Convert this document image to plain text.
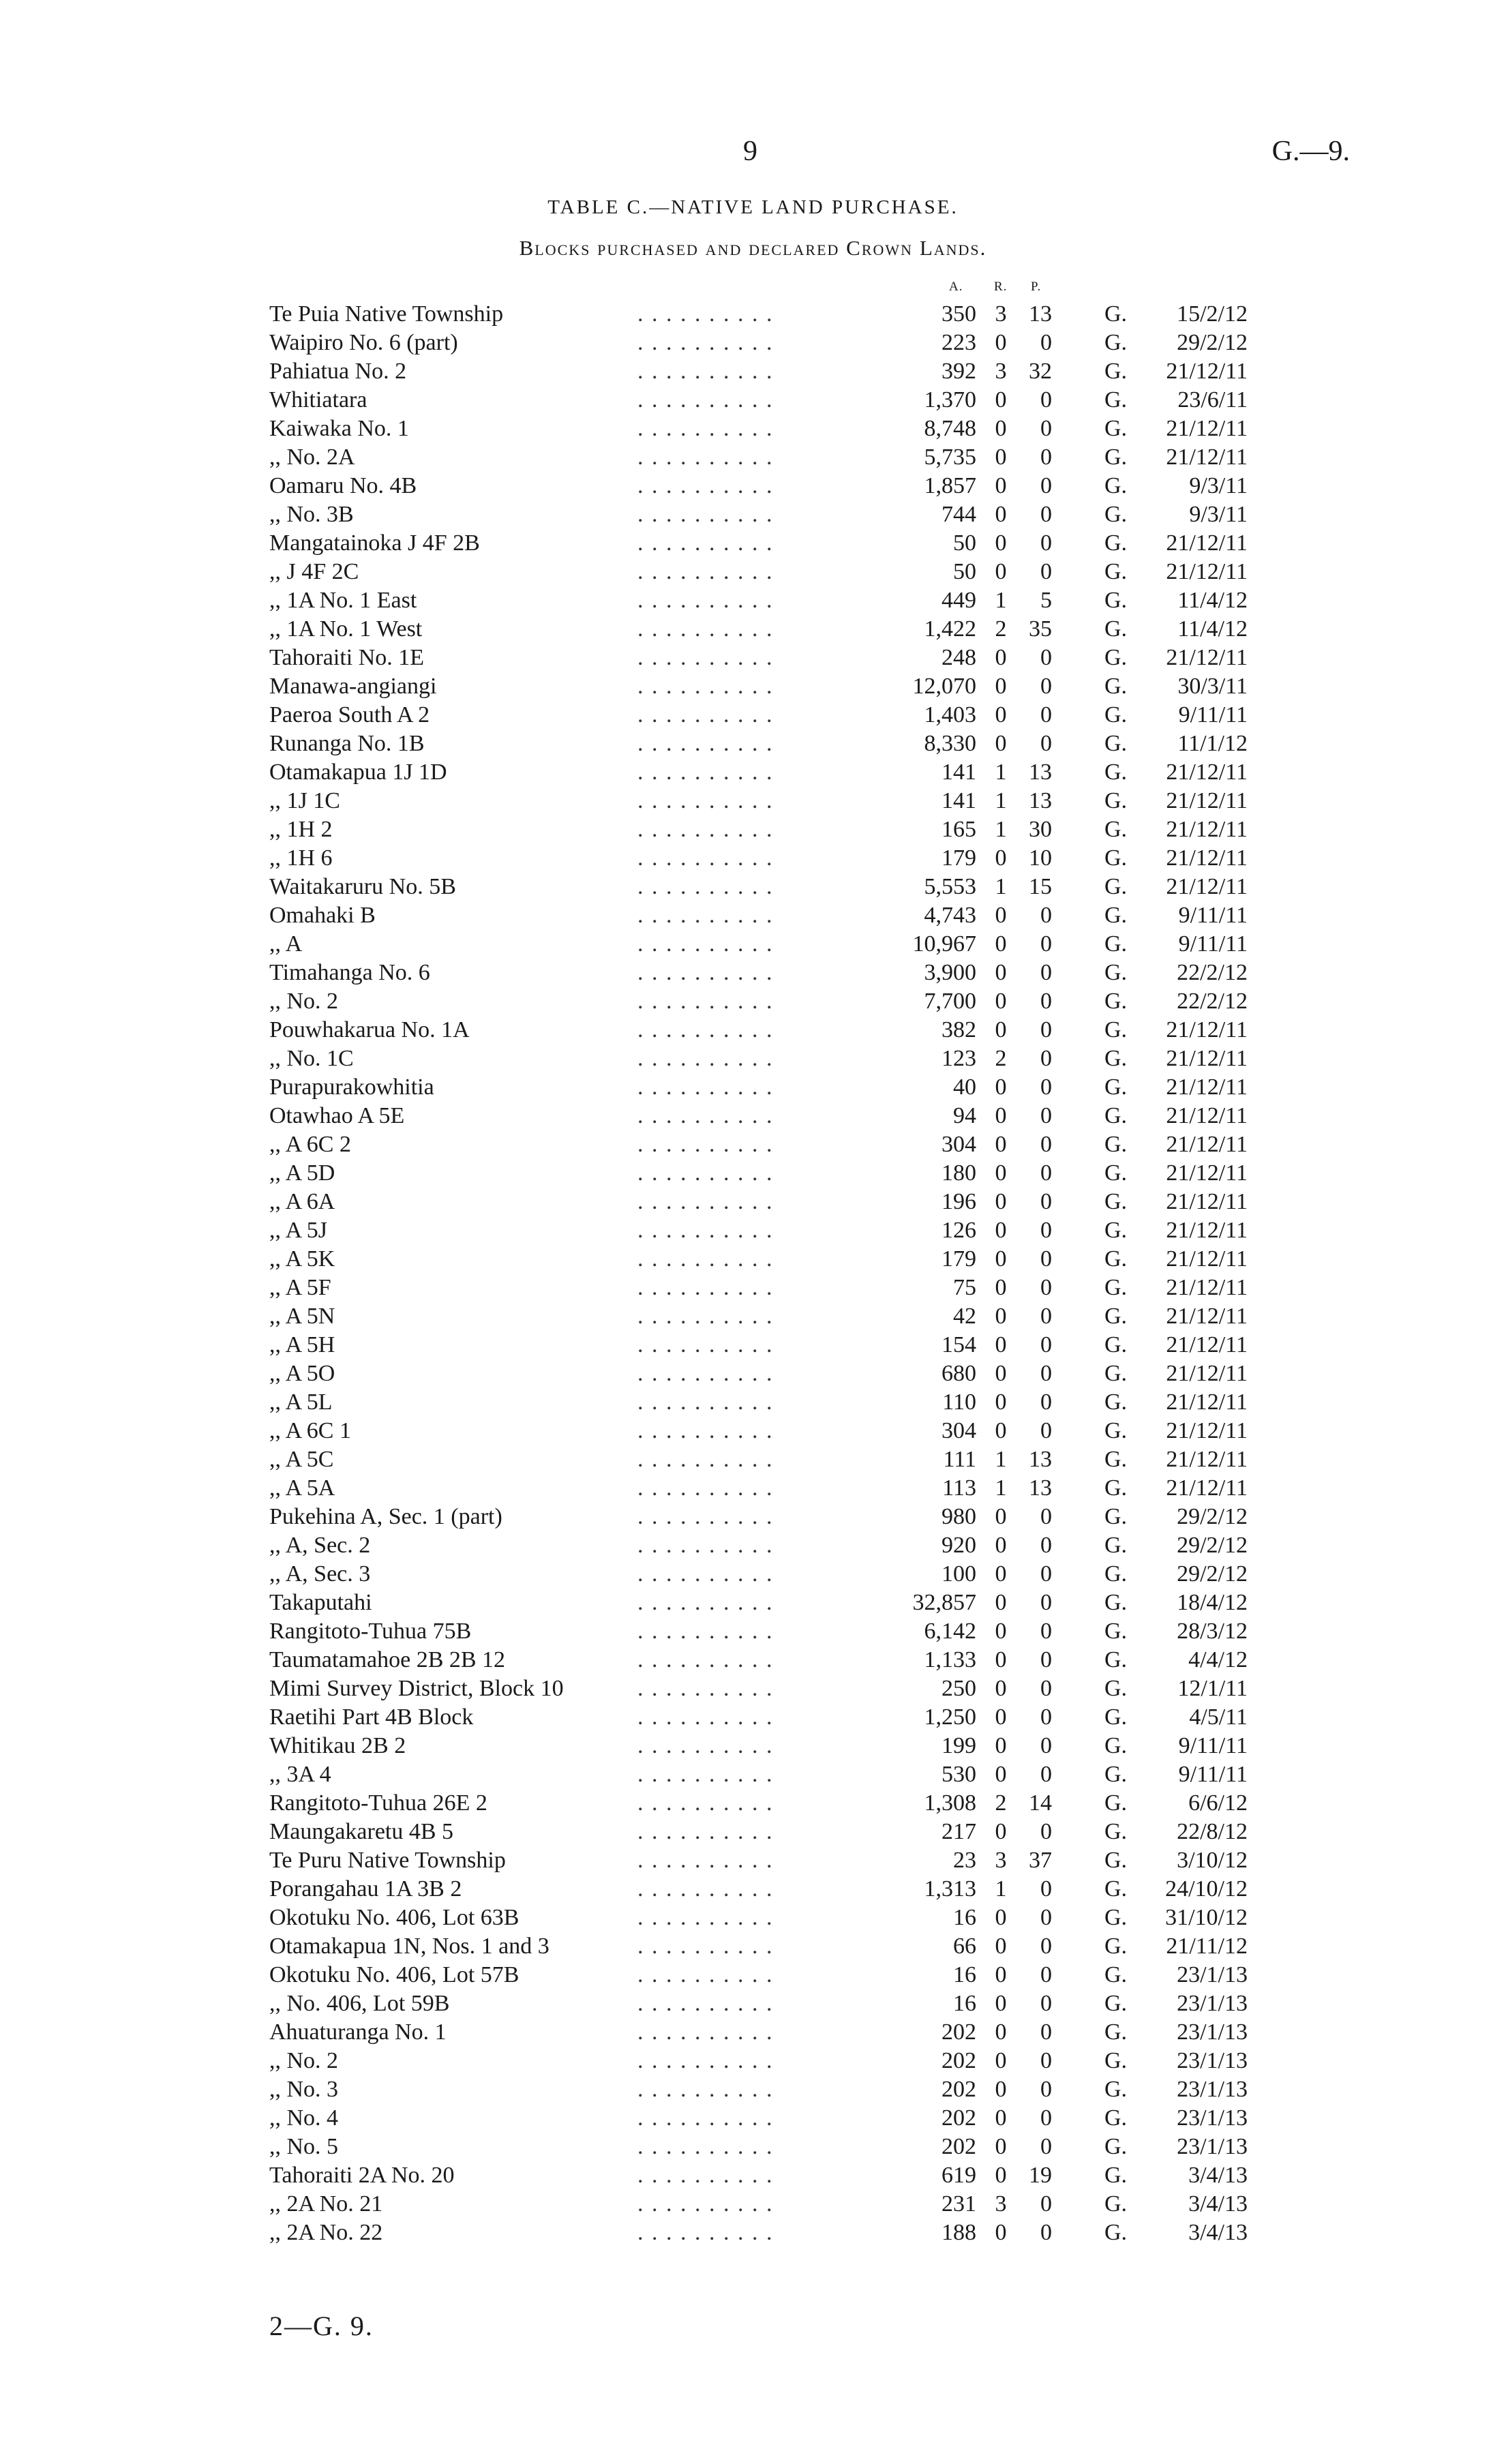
9	G.—9.
TABLE C.—NATIVE LAND PURCHASE.
Blocks purchased and declared Crown Lands.
A. R. P.
Te Puia Native Township	. . . . . . . . . .	350 3 13 G. 15/2/12
Waipiro No. 6 (part)	. . . . . . . . . .	223 0 0 G. 29/2/12
Pahiatua No. 2	. . . . . . . . . .	392 3 32 G. 21/12/11
Whitiatara	. . . . . . . . . .	1,370 0 0 G. 23/6/11
Kaiwaka No. 1	. . . . . . . . . .	8,748 0 0 G. 21/12/11
,, No. 2A	. . . . . . . . . .	5,735 0 0 G. 21/12/11
Oamaru No. 4B	. . . . . . . . . .	1,857 0 0 G.	9/3/11
,, No. 3B	. . . . . . . . . .	744 0 0 G.	9/3/11
Mangatainoka J 4F 2B	. . . . . . . . . .	50 0 0 G. 21/12/11
,, J 4F 2C	. . . . . . . . . .	50 0 0 G. 21/12/11
,, 1A No. 1 East	. . . . . . . . . .	449 1 5 G. 11/4/12
,, 1A No. 1 West	. . . . . . . . . .	1,422 2 35 G. 11/4/12
Tahoraiti No. 1E	. . . . . . . . . .	248 0 0 G. 21/12/11
Manawa-angiangi	. . . . . . . . . .	12,070 0 0 G. 30/3/11
Paeroa South A 2	. . . . . . . . . .	1,403 0 0 G. 9/11/11
Runanga No. 1B	. . . . . . . . . .	8,330 0 0 G. 11/1/12
Otamakapua 1J 1D	. . . . . . . . . .	141 1 13 G. 21/12/11
,, 1J 1C	. . . . . . . . . .	141 1 13 G. 21/12/11
,, 1H 2	. . . . . . . . . .	165 1 30 G. 21/12/11
,, 1H 6	. . . . . . . . . .	179 0 10 G. 21/12/11
Waitakaruru No. 5B	. . . . . . . . . .	5,553 1 15 G. 21/12/11
Omahaki B	. . . . . . . . . .	4,743 0 0 G. 9/11/11
,, A	. . . . . . . . . .	10,967 0 0 G. 9/11/11
Timahanga No. 6	. . . . . . . . . .	3,900 0 0 G. 22/2/12
,, No. 2	. . . . . . . . . .	7,700 0 0 G. 22/2/12
Pouwhakarua No. 1A	. . . . . . . . . .	382 0 0 G. 21/12/11
,, No. 1C	. . . . . . . . . .	123 2 0 G. 21/12/11
Purapurakowhitia	. . . . . . . . . .	40 0 0 G. 21/12/11
Otawhao A 5E	. . . . . . . . . .	94 0 0 G. 21/12/11
,, A 6C 2	. . . . . . . . . .	304 0 0 G. 21/12/11
,, A 5D	. . . . . . . . . .	180 0 0 G. 21/12/11
,, A 6A	. . . . . . . . . .	196 0 0 G. 21/12/11
,, A 5J	. . . . . . . . . .	126 0 0 G. 21/12/11
,, A 5K	. . . . . . . . . .	179 0 0 G. 21/12/11
,, A 5F	. . . . . . . . . .	75 0 0 G. 21/12/11
,, A 5N	. . . . . . . . . .	42 0 0 G. 21/12/11
,, A 5H	. . . . . . . . . .	154 0 0 G. 21/12/11
,, A 5O	. . . . . . . . . .	680 0 0 G. 21/12/11
,, A 5L	. . . . . . . . . .	110 0 0 G. 21/12/11
,, A 6C 1	. . . . . . . . . .	304 0 0 G. 21/12/11
,, A 5C	. . . . . . . . . .	111 1 13 G. 21/12/11
,, A 5A	. . . . . . . . . .	113 1 13 G. 21/12/11
Pukehina A, Sec. 1 (part)	. . . . . . . . . .	980 0 0 G. 29/2/12
,, A, Sec. 2	. . . . . . . . . .	920 0 0 G. 29/2/12
,, A, Sec. 3	. . . . . . . . . .	100 0 0 G. 29/2/12
Takaputahi	. . . . . . . . . .	32,857 0 0 G. 18/4/12
Rangitoto-Tuhua 75B	. . . . . . . . . .	6,142 0 0 G. 28/3/12
Taumatamahoe 2B 2B 12	. . . . . . . . . .	1,133 0 0 G.	4/4/12
Mimi Survey District, Block 10	. . . . . . . . . .	250 0 0 G. 12/1/11
Raetihi Part 4B Block	. . . . . . . . . .	1,250 0 0 G.	4/5/11
Whitikau 2B 2	. . . . . . . . . .	199 0 0 G. 9/11/11
,, 3A 4	. . . . . . . . . .	530 0 0 G. 9/11/11
Rangitoto-Tuhua 26E 2	. . . . . . . . . .	1,308 2 14 G.	6/6/12
Maungakaretu 4B 5	. . . . . . . . . .	217 0 0 G. 22/8/12
Te Puru Native Township	. . . . . . . . . .	23 3 37 G. 3/10/12
Porangahau 1A 3B 2	. . . . . . . . . .	1,313 1 0 G. 24/10/12
Okotuku No. 406, Lot 63B	. . . . . . . . . .	16 0 0 G. 31/10/12
Otamakapua 1N, Nos. 1 and 3	. . . . . . . . . .	66 0 0 G. 21/11/12
Okotuku No. 406, Lot 57B	. . . . . . . . . .	16 0 0 G. 23/1/13
,, No. 406, Lot 59B	. . . . . . . . . .	16 0 0 G. 23/1/13
Ahuaturanga No. 1	. . . . . . . . . .	202 0 0 G. 23/1/13
,, No. 2	. . . . . . . . . .	202 0 0 G. 23/1/13
,, No. 3	. . . . . . . . . .	202 0 0 G. 23/1/13
,, No. 4	. . . . . . . . . .	202 0 0 G. 23/1/13
,, No. 5	. . . . . . . . . .	202 0 0 G. 23/1/13
Tahoraiti 2A No. 20	. . . . . . . . . .	619 0 19 G.	3/4/13
,, 2A No. 21	. . . . . . . . . .	231 3 0 G.	3/4/13
,, 2A No. 22	. . . . . . . . . .	188 0 0 G.	3/4/13
2—G. 9.
